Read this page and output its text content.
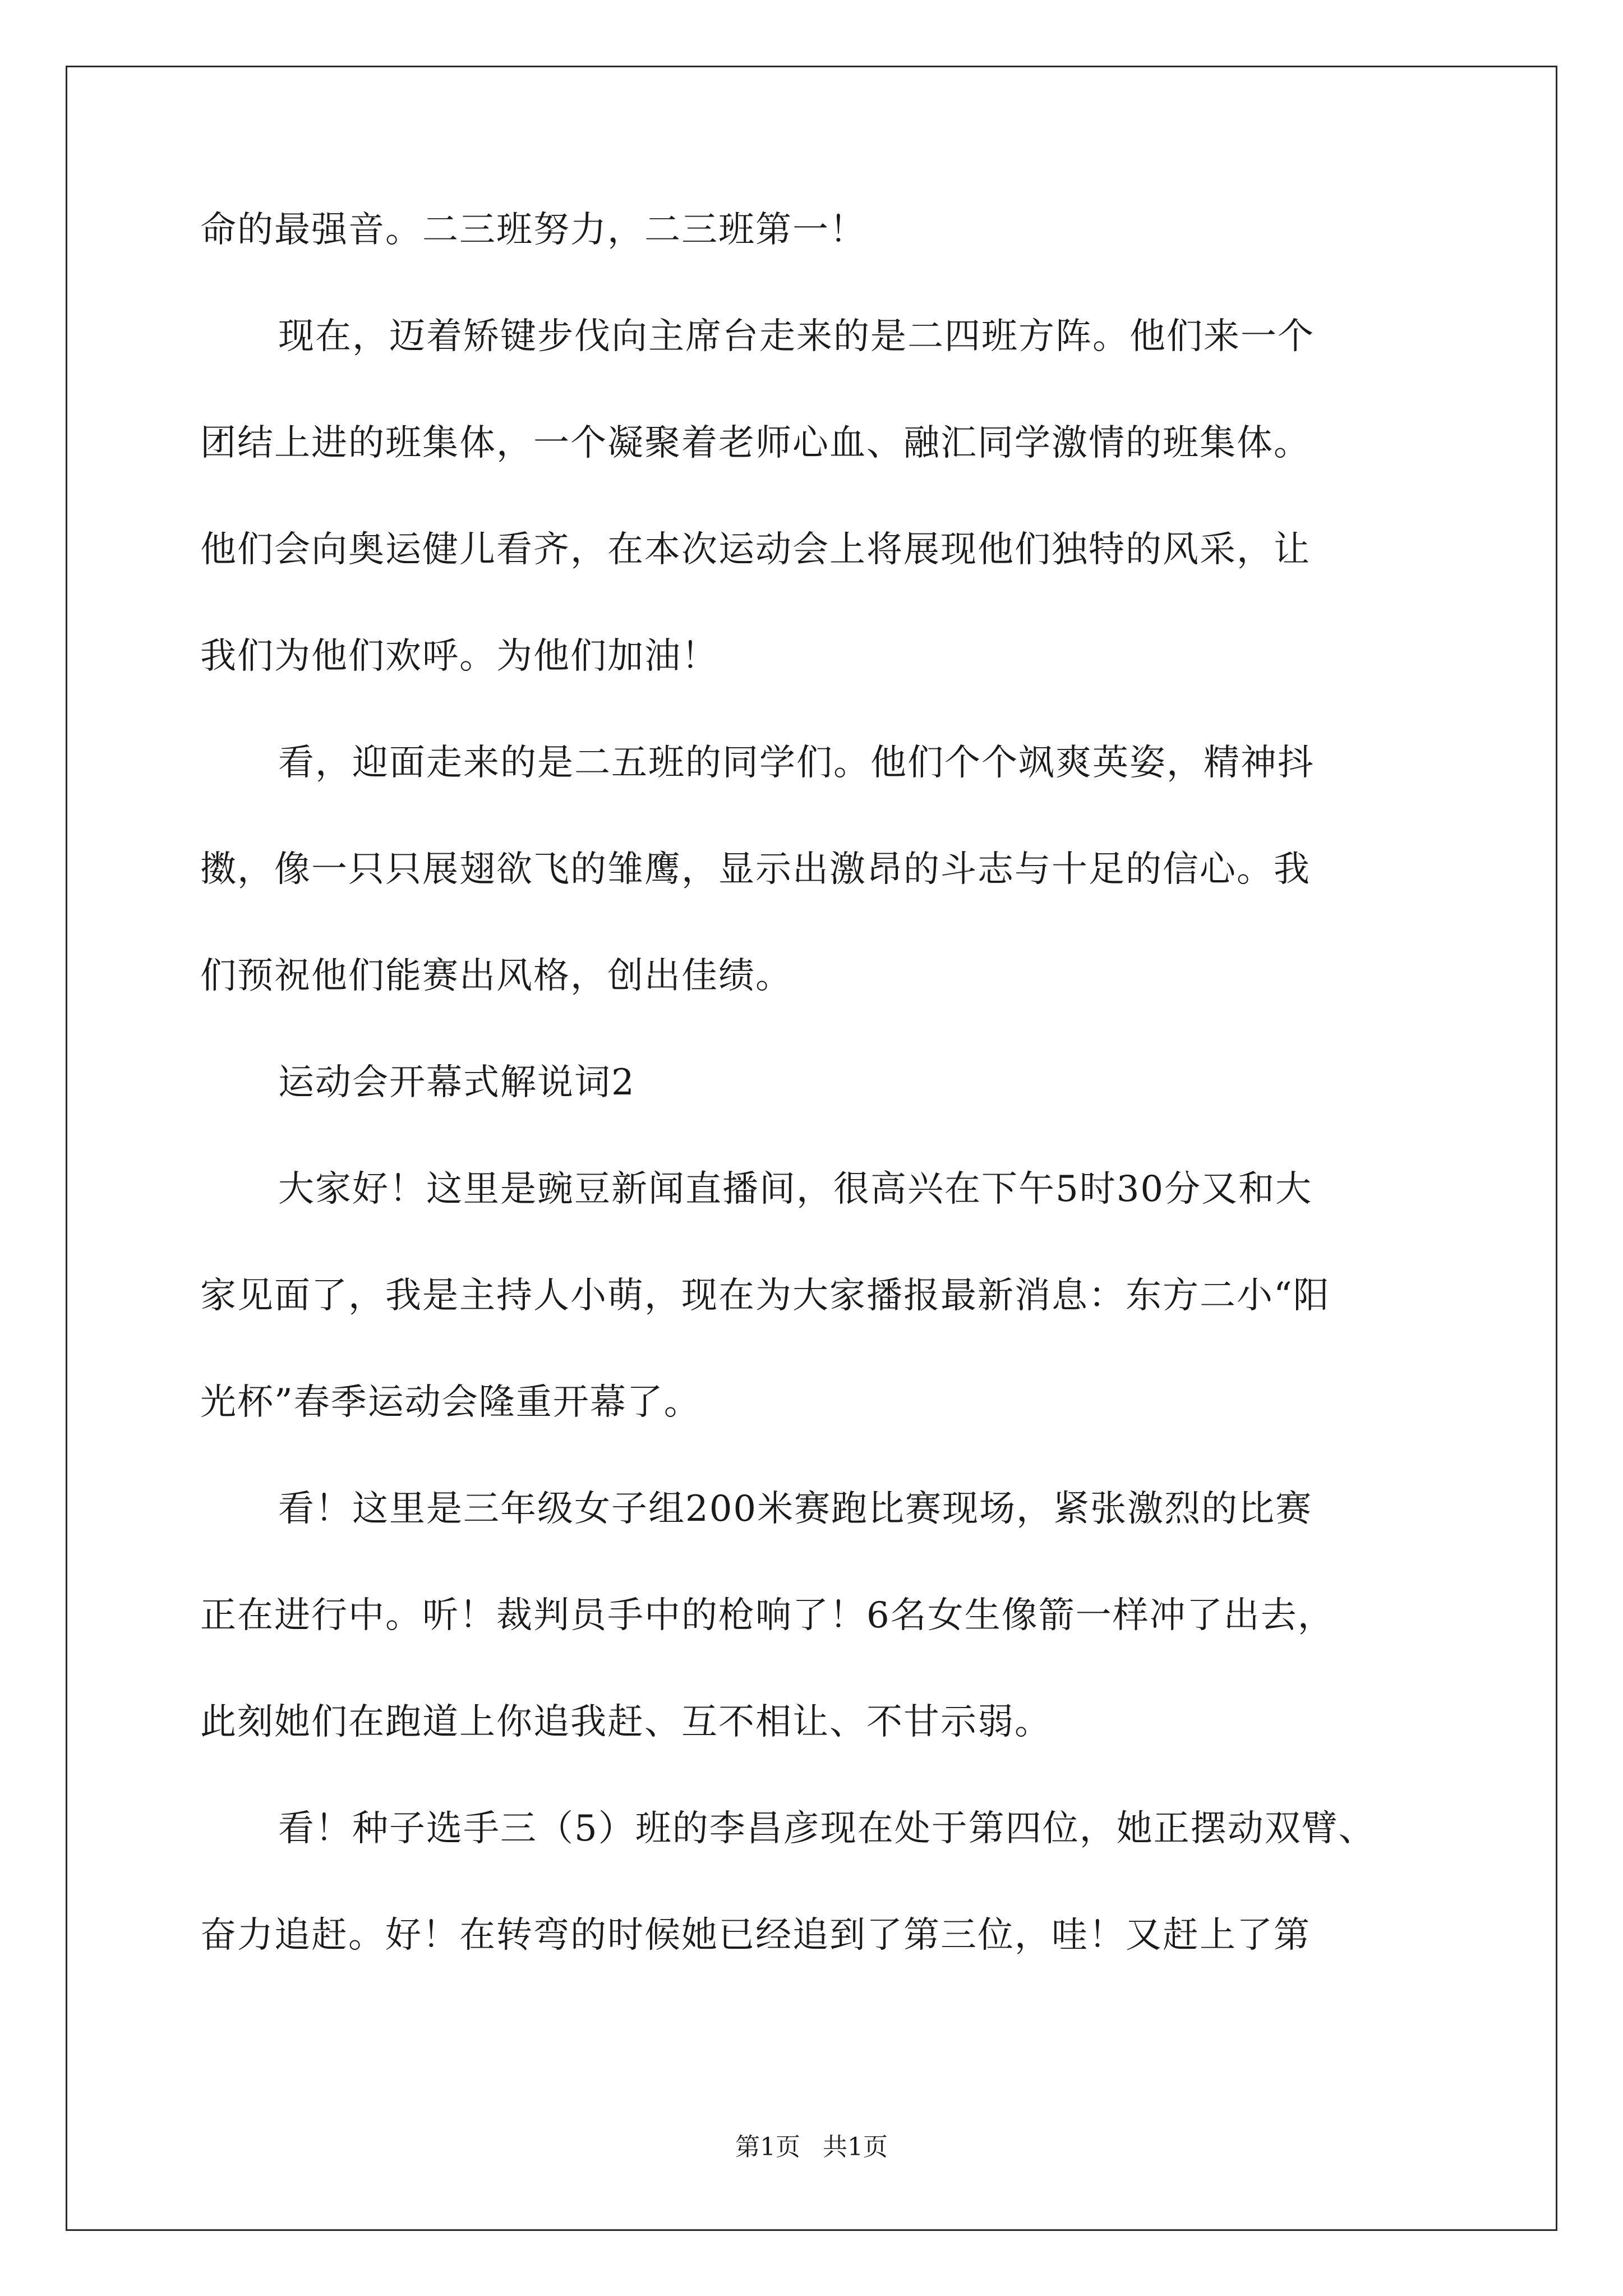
命的最强音。二三班努力，二三班第一！
现在，迈着矫键步伐向主席台走来的是二四班方阵。他们来一个
团结上进的班集体，一个凝聚着老师心血、融汇同学激情的班集体。
他们会向奥运健儿看齐，在本次运动会上将展现他们独特的风采，让
我们为他们欢呼。为他们加油！
看，迎面走来的是二五班的同学们。他们个个飒爽英姿，精神抖
擞，像一只只展翅欲飞的雏鹰，显示出激昂的斗志与十足的信心。我
们预祝他们能赛出风格，创出佳绩。
运动会开幕式解说词2
大家好！这里是豌豆新闻直播间，很高兴在下午5时30分又和大
家见面了，我是主持人小萌，现在为大家播报最新消息：东方二小“阳
光杯”春季运动会隆重开幕了。
看！这里是三年级女子组200米赛跑比赛现场，紧张激烈的比赛
正在进行中。听！裁判员手中的枪响了！6名女生像箭一样冲了出去，
此刻她们在跑道上你追我赶、互不相让、不甘示弱。
看！种子选手三（5）班的李昌彦现在处于第四位，她正摆动双臂、
奋力追赶。好！在转弯的时候她已经追到了第三位，哇！又赶上了第
第1页 共1页
